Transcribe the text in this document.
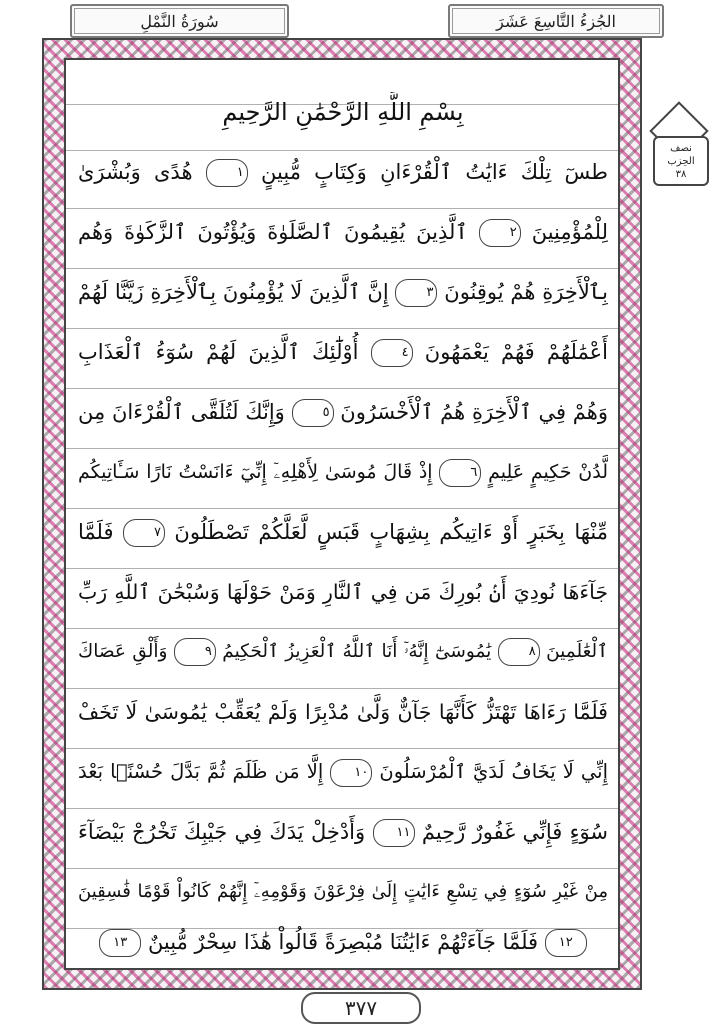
سُورَةُ النَّمْلِ	الجُزءُ التَّاسِعَ عَشَرَ
نصف
الحِزب
٣٨
بِسْمِ اللَّهِ الرَّحْمَٰنِ الرَّحِيمِ
طسٓ تِلْكَ ءَايَٰتُ ٱلْقُرْءَانِ وَكِتَابٍ مُّبِينٍ ١ هُدًى وَبُشْرَىٰ
لِلْمُؤْمِنِينَ ٢ ٱلَّذِينَ يُقِيمُونَ ٱلصَّلَوٰةَ وَيُؤْتُونَ ٱلزَّكَوٰةَ وَهُم
بِٱلْأَخِرَةِ هُمْ يُوقِنُونَ ٣ إِنَّ ٱلَّذِينَ لَا يُؤْمِنُونَ بِٱلْأَخِرَةِ زَيَّنَّا لَهُمْ
أَعْمَٰلَهُمْ فَهُمْ يَعْمَهُونَ ٤ أُوْلَٰٓئِكَ ٱلَّذِينَ لَهُمْ سُوٓءُ ٱلْعَذَابِ
وَهُمْ فِي ٱلْأَخِرَةِ هُمُ ٱلْأَخْسَرُونَ ٥ وَإِنَّكَ لَتُلَقَّى ٱلْقُرْءَانَ مِن
لَّدُنْ حَكِيمٍ عَلِيمٍ ٦ إِذْ قَالَ مُوسَىٰ لِأَهْلِهِۦٓ إِنِّيٓ ءَانَسْتُ نَارًا سَـَٔاتِيكُم
مِّنْهَا بِخَبَرٍ أَوْ ءَاتِيكُم بِشِهَابٍ قَبَسٍ لَّعَلَّكُمْ تَصْطَلُونَ ٧ فَلَمَّا
جَآءَهَا نُودِيَ أَنۢ بُورِكَ مَن فِي ٱلنَّارِ وَمَنْ حَوْلَهَا وَسُبْحَٰنَ ٱللَّهِ رَبِّ
ٱلْعَٰلَمِينَ ٨ يَٰمُوسَىٰٓ إِنَّهُۥٓ أَنَا ٱللَّهُ ٱلْعَزِيزُ ٱلْحَكِيمُ ٩ وَأَلْقِ عَصَاكَ
فَلَمَّا رَءَاهَا تَهْتَزُّ كَأَنَّهَا جَآنٌّ وَلَّىٰ مُدْبِرًا وَلَمْ يُعَقِّبْ يَٰمُوسَىٰ لَا تَخَفْ
إِنِّي لَا يَخَافُ لَدَيَّ ٱلْمُرْسَلُونَ ١٠ إِلَّا مَن ظَلَمَ ثُمَّ بَدَّلَ حُسْنًۢا بَعْدَ
سُوٓءٍ فَإِنِّي غَفُورٌ رَّحِيمٌ ١١ وَأَدْخِلْ يَدَكَ فِي جَيْبِكَ تَخْرُجْ بَيْضَآءَ
مِنْ غَيْرِ سُوٓءٍ فِي تِسْعِ ءَايَٰتٍ إِلَىٰ فِرْعَوْنَ وَقَوْمِهِۦٓ إِنَّهُمْ كَانُواْ قَوْمًا فَٰسِقِينَ
١٢ فَلَمَّا جَآءَتْهُمْ ءَايَٰتُنَا مُبْصِرَةً قَالُواْ هَٰذَا سِحْرٌ مُّبِينٌ ١٣
٣٧٧
